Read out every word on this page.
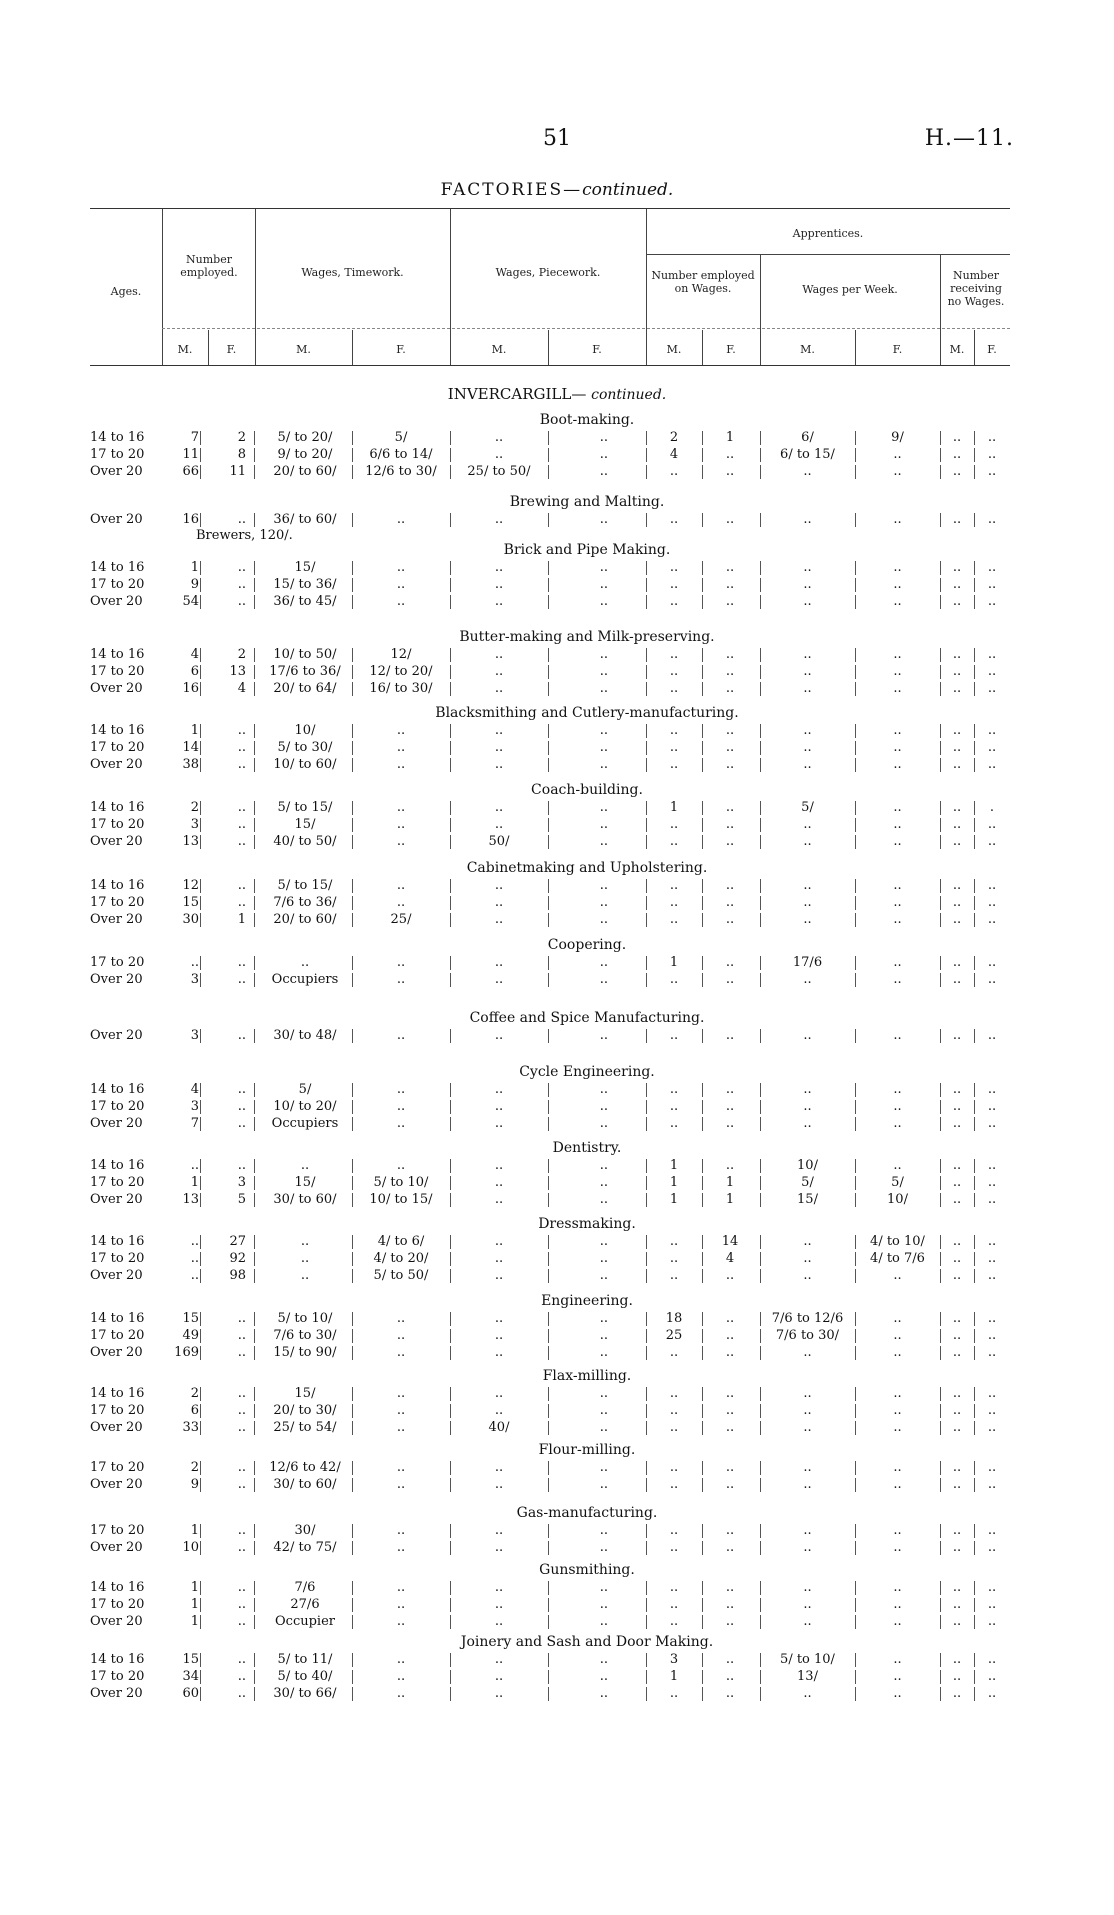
51	H.—11.
FACTORIES—continued.
Ages.
Number employed.	Wages, Timework.	Wages, Piecework.
Apprentices.
Number employed on Wages.	Wages per Week.
Number receiving no Wages.
M.	F.	M.	F.	M.	F.	M.	F.	M.	F.	M.	F.
INVERCARGILL— continued.
Boot-making.
14 to 16	7	2	5/ to 20/	5/	..	..	2	1	6/	9/	..	..
17 to 20	11	8	9/ to 20/	6/6 to 14/	..	..	4	..	6/ to 15/	..	..	..
Over 20	66	11	20/ to 60/	12/6 to 30/	25/ to 50/	..	..	..	..	..	..	..
Brewing and Malting.
Over 20	16	..	36/ to 60/	..	..	..	..	..	..	..	..	..
Brewers, 120/.
Brick and Pipe Making.
14 to 16	1	..	15/	..	..	..	..	..	..	..	..	..
17 to 20	9	..	15/ to 36/	..	..	..	..	..	..	..	..	..
Over 20	54	..	36/ to 45/	..	..	..	..	..	..	..	..	..
Butter-making and Milk-preserving.
14 to 16	4	2	10/ to 50/	12/	..	..	..	..	..	..	..	..
17 to 20	6	13	17/6 to 36/	12/ to 20/	..	..	..	..	..	..	..	..
Over 20	16	4	20/ to 64/	16/ to 30/	..	..	..	..	..	..	..	..
Blacksmithing and Cutlery-manufacturing.
14 to 16	1	..	10/	..	..	..	..	..	..	..	..	..
17 to 20	14	..	5/ to 30/	..	..	..	..	..	..	..	..	..
Over 20	38	..	10/ to 60/	..	..	..	..	..	..	..	..	..
Coach-building.
14 to 16	2	..	5/ to 15/	..	..	..	1	..	5/	..	..	.
17 to 20	3	..	15/	..	..	..	..	..	..	..	..	..
Over 20	13	..	40/ to 50/	..	50/	..	..	..	..	..	..	..
Cabinetmaking and Upholstering.
14 to 16	12	..	5/ to 15/	..	..	..	..	..	..	..	..	..
17 to 20	15	..	7/6 to 36/	..	..	..	..	..	..	..	..	..
Over 20	30	1	20/ to 60/	25/	..	..	..	..	..	..	..	..
Coopering.
17 to 20	..	..	..	..	..	..	1	..	17/6	..	..	..
Over 20	3	..	Occupiers	..	..	..	..	..	..	..	..	..
Coffee and Spice Manufacturing.
Over 20	3	..	30/ to 48/	..	..	..	..	..	..	..	..	..
Cycle Engineering.
14 to 16	4	..	5/	..	..	..	..	..	..	..	..	..
17 to 20	3	..	10/ to 20/	..	..	..	..	..	..	..	..	..
Over 20	7	..	Occupiers	..	..	..	..	..	..	..	..	..
Dentistry.
14 to 16	..	..	..	..	..	..	1	..	10/	..	..	..
17 to 20	1	3	15/	5/ to 10/	..	..	1	1	5/	5/	..	..
Over 20	13	5	30/ to 60/	10/ to 15/	..	..	1	1	15/	10/	..	..
Dressmaking.
14 to 16	..	27	..	4/ to 6/	..	..	..	14	..	4/ to 10/	..	..
17 to 20	..	92	..	4/ to 20/	..	..	..	4	..	4/ to 7/6	..	..
Over 20	..	98	..	5/ to 50/	..	..	..	..	..	..	..	..
Engineering.
14 to 16	15	..	5/ to 10/	..	..	..	18	..	7/6 to 12/6	..	..	..
17 to 20	49	..	7/6 to 30/	..	..	..	25	..	7/6 to 30/	..	..	..
Over 20	169	..	15/ to 90/	..	..	..	..	..	..	..	..	..
Flax-milling.
14 to 16	2	..	15/	..	..	..	..	..	..	..	..	..
17 to 20	6	..	20/ to 30/	..	..	..	..	..	..	..	..	..
Over 20	33	..	25/ to 54/	..	40/	..	..	..	..	..	..	..
Flour-milling.
17 to 20	2	..	12/6 to 42/	..	..	..	..	..	..	..	..	..
Over 20	9	..	30/ to 60/	..	..	..	..	..	..	..	..	..
Gas-manufacturing.
17 to 20	1	..	30/	..	..	..	..	..	..	..	..	..
Over 20	10	..	42/ to 75/	..	..	..	..	..	..	..	..	..
Gunsmithing.
14 to 16	1	..	7/6	..	..	..	..	..	..	..	..	..
17 to 20	1	..	27/6	..	..	..	..	..	..	..	..	..
Over 20	1	..	Occupier	..	..	..	..	..	..	..	..	..
Joinery and Sash and Door Making.
14 to 16	15	..	5/ to 11/	..	..	..	3	..	5/ to 10/	..	..	..
17 to 20	34	..	5/ to 40/	..	..	..	1	..	13/	..	..	..
Over 20	60	..	30/ to 66/	..	..	..	..	..	..	..	..	..
